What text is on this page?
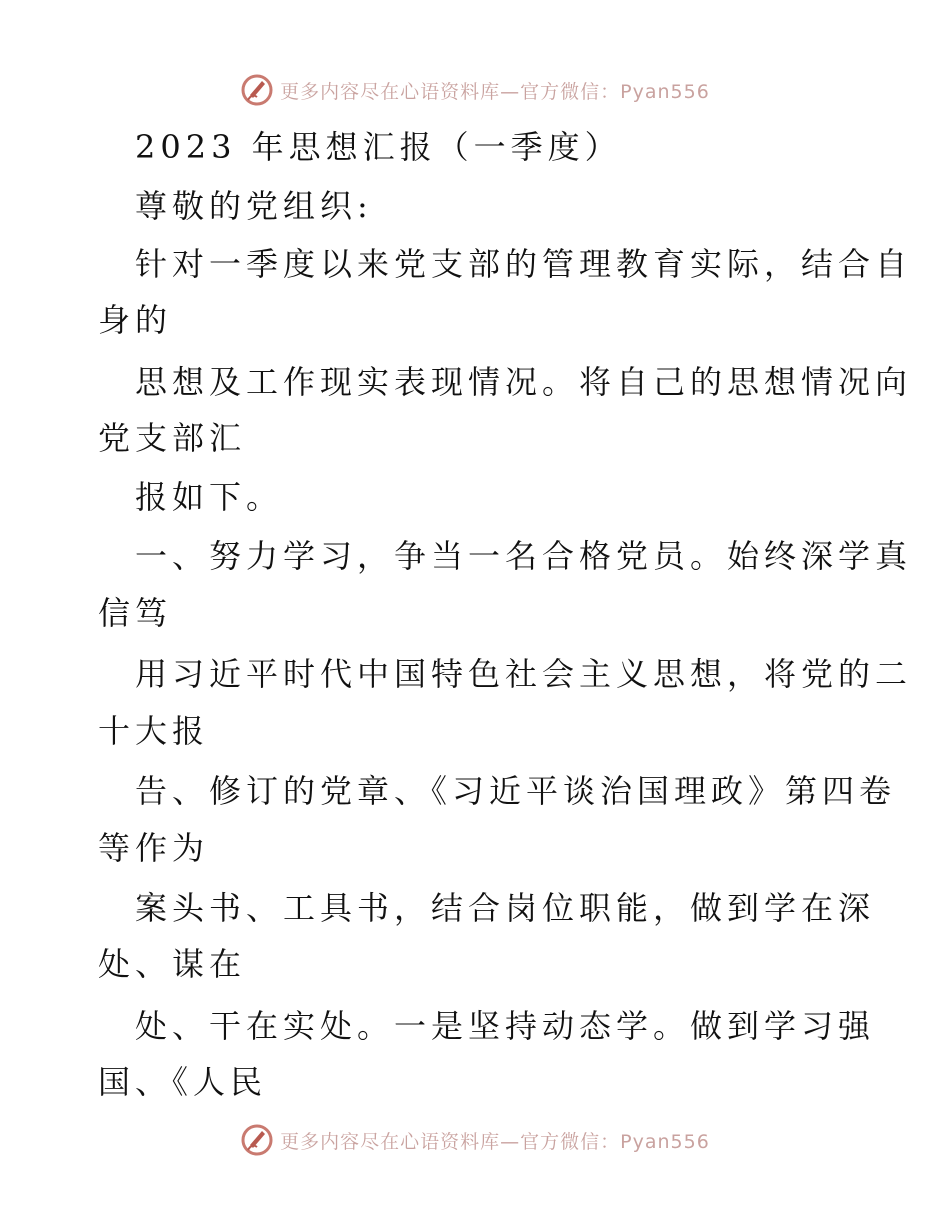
更多内容尽在心语资料库—官方微信：Pyan556
2023 年思想汇报（一季度）
尊敬的党组织:
针对一季度以来党支部的管理教育实际，结合自
身的
思想及工作现实表现情况。将自己的思想情况向
党支部汇
报如下。
一、努力学习，争当一名合格党员。始终深学真
信笃
用习近平时代中国特色社会主义思想，将党的二
十大报
告、修订的党章、《习近平谈治国理政》第四卷
等作为
案头书、工具书，结合岗位职能，做到学在深
处、谋在
处、干在实处。一是坚持动态学。做到学习强
国、《人民
更多内容尽在心语资料库—官方微信：Pyan556
